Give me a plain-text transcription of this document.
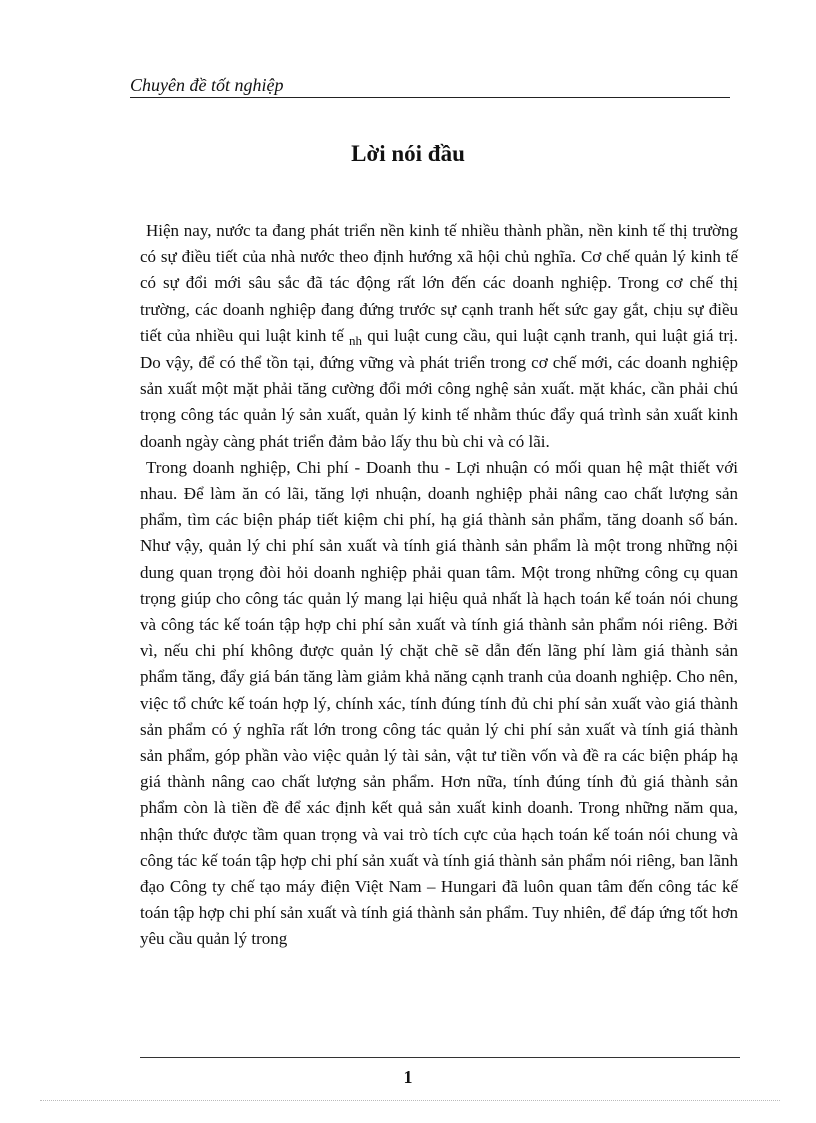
Chuyên đề tốt nghiệp
Lời nói đầu

Hiện nay, nước ta đang phát triển nền kinh tế nhiều thành phần, nền kinh tế thị trường có sự điều tiết của nhà nước theo định hướng xã hội chủ nghĩa. Cơ chế quản lý kinh tế có sự đổi mới sâu sắc đã tác động rất lớn đến các doanh nghiệp. Trong cơ chế thị trường, các doanh nghiệp đang đứng trước sự cạnh tranh hết sức gay gắt, chịu sự điều tiết của nhiều qui luật kinh tế $_{nh}$ qui luật cung cầu, qui luật cạnh tranh, qui luật giá trị. Do vậy, để có thể tồn tại, đứng vững và phát triển trong cơ chế mới, các doanh nghiệp sản xuất một mặt phải tăng cường đổi mới công nghệ sản xuất. mặt khác, cần phải chú trọng công tác quản lý sản xuất, quản lý kinh tế nhằm thúc đẩy quá trình sản xuất kinh doanh ngày càng phát triển đảm bảo lấy thu bù chi và có lãi.

Trong doanh nghiệp, Chi phí - Doanh thu - Lợi nhuận có mối quan hệ mật thiết với nhau. Để làm ăn có lãi, tăng lợi nhuận, doanh nghiệp phải nâng cao chất lượng sản phẩm, tìm các biện pháp tiết kiệm chi phí, hạ giá thành sản phẩm, tăng doanh số bán. Như vậy, quản lý chi phí sản xuất và tính giá thành sản phẩm là một trong những nội dung quan trọng đòi hỏi doanh nghiệp phải quan tâm. Một trong những công cụ quan trọng giúp cho công tác quản lý mang lại hiệu quả nhất là hạch toán kế toán nói chung và công tác kế toán tập hợp chi phí sản xuất và tính giá thành sản phẩm nói riêng. Bởi vì, nếu chi phí không được quản lý chặt chẽ sẽ dẫn đến lãng phí làm giá thành sản phẩm tăng, đẩy giá bán tăng làm giảm khả năng cạnh tranh của doanh nghiệp. Cho nên, việc tổ chức kế toán hợp lý, chính xác, tính đúng tính đủ chi phí sản xuất vào giá thành sản phẩm có ý nghĩa rất lớn trong công tác quản lý chi phí sản xuất và tính giá thành sản phẩm, góp phần vào việc quản lý tài sản, vật tư tiền vốn và đề ra các biện pháp hạ giá thành nâng cao chất lượng sản phẩm. Hơn nữa, tính đúng tính đủ giá thành sản phẩm còn là tiền đề để xác định kết quả sản xuất kinh doanh. Trong những năm qua, nhận thức được tầm quan trọng và vai trò tích cực của hạch toán kế toán nói chung và công tác kế toán tập hợp chi phí sản xuất và tính giá thành sản phẩm nói riêng, ban lãnh đạo Công ty chế tạo máy điện Việt Nam – Hungari đã luôn quan tâm đến công tác kế toán tập hợp chi phí sản xuất và tính giá thành sản phẩm. Tuy nhiên, để đáp ứng tốt hơn yêu cầu quản lý trong

1
